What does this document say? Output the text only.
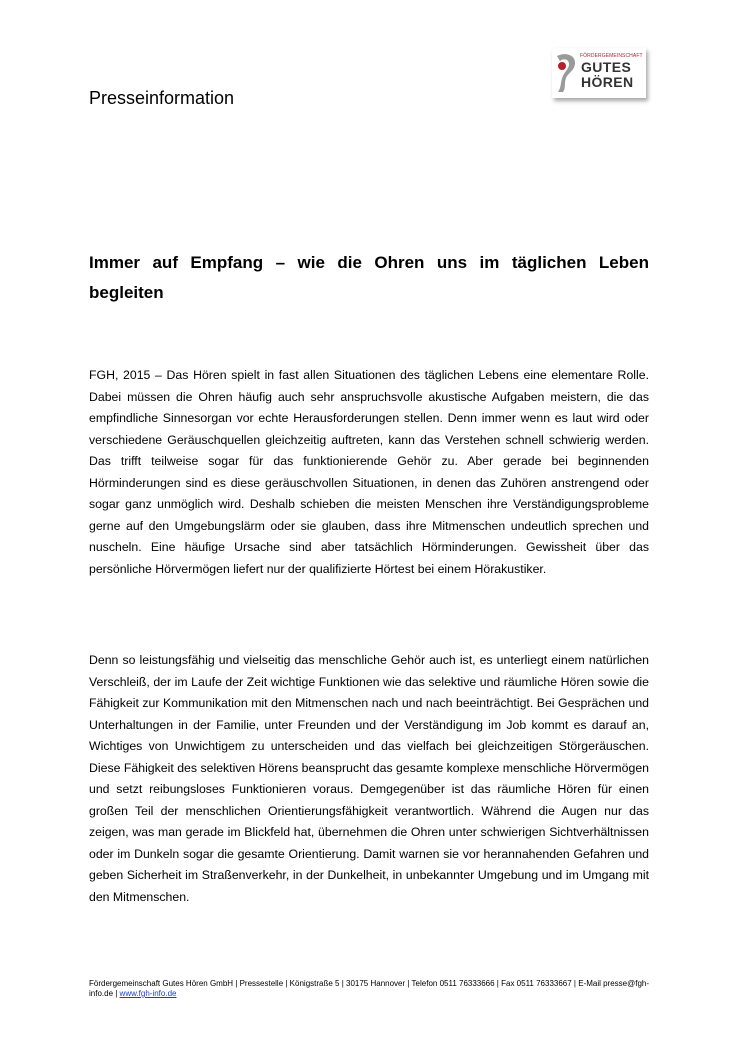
Presseinformation
FÖRDERGEMEINSCHAFT
GUTES
HÖREN
Immer auf Empfang – wie die Ohren uns im täglichen Leben begleiten

FGH, 2015 – Das Hören spielt in fast allen Situationen des täglichen Lebens eine elementare Rolle. Dabei müssen die Ohren häufig auch sehr anspruchsvolle akustische Aufgaben meistern, die das empfindliche Sinnesorgan vor echte Herausforderungen stellen. Denn immer wenn es laut wird oder verschiedene Geräuschquellen gleichzeitig auftreten, kann das Verstehen schnell schwierig werden. Das trifft teilweise sogar für das funktionierende Gehör zu. Aber gerade bei beginnenden Hörminderungen sind es diese geräuschvollen Situationen, in denen das Zuhören anstrengend oder sogar ganz unmöglich wird. Deshalb schieben die meisten Menschen ihre Verständigungsprobleme gerne auf den Umgebungslärm oder sie glauben, dass ihre Mitmenschen undeutlich sprechen und nuscheln. Eine häufige Ursache sind aber tatsächlich Hörminderungen. Gewissheit über das persönliche Hörvermögen liefert nur der qualifizierte Hörtest bei einem Hörakustiker.

Denn so leistungsfähig und vielseitig das menschliche Gehör auch ist, es unterliegt einem natürlichen Verschleiß, der im Laufe der Zeit wichtige Funktionen wie das selektive und räumliche Hören sowie die Fähigkeit zur Kommunikation mit den Mitmenschen nach und nach beeinträchtigt. Bei Gesprächen und Unterhaltungen in der Familie, unter Freunden und der Verständigung im Job kommt es darauf an, Wichtiges von Unwichtigem zu unterscheiden und das vielfach bei gleichzeitigen Störgeräuschen. Diese Fähigkeit des selektiven Hörens beansprucht das gesamte komplexe menschliche Hörvermögen und setzt reibungsloses Funktionieren voraus. Demgegenüber ist das räumliche Hören für einen großen Teil der menschlichen Orientierungsfähigkeit verantwortlich. Während die Augen nur das zeigen, was man gerade im Blickfeld hat, übernehmen die Ohren unter schwierigen Sichtverhältnissen oder im Dunkeln sogar die gesamte Orientierung. Damit warnen sie vor herannahenden Gefahren und geben Sicherheit im Straßenverkehr, in der Dunkelheit, in unbekannter Umgebung und im Umgang mit den Mitmenschen.

Fördergemeinschaft Gutes Hören GmbH | Pressestelle | Königstraße 5 | 30175 Hannover | Telefon 0511 76333666 | Fax 0511 76333667 | E-Mail presse@fgh-info.de | www.fgh-info.de
